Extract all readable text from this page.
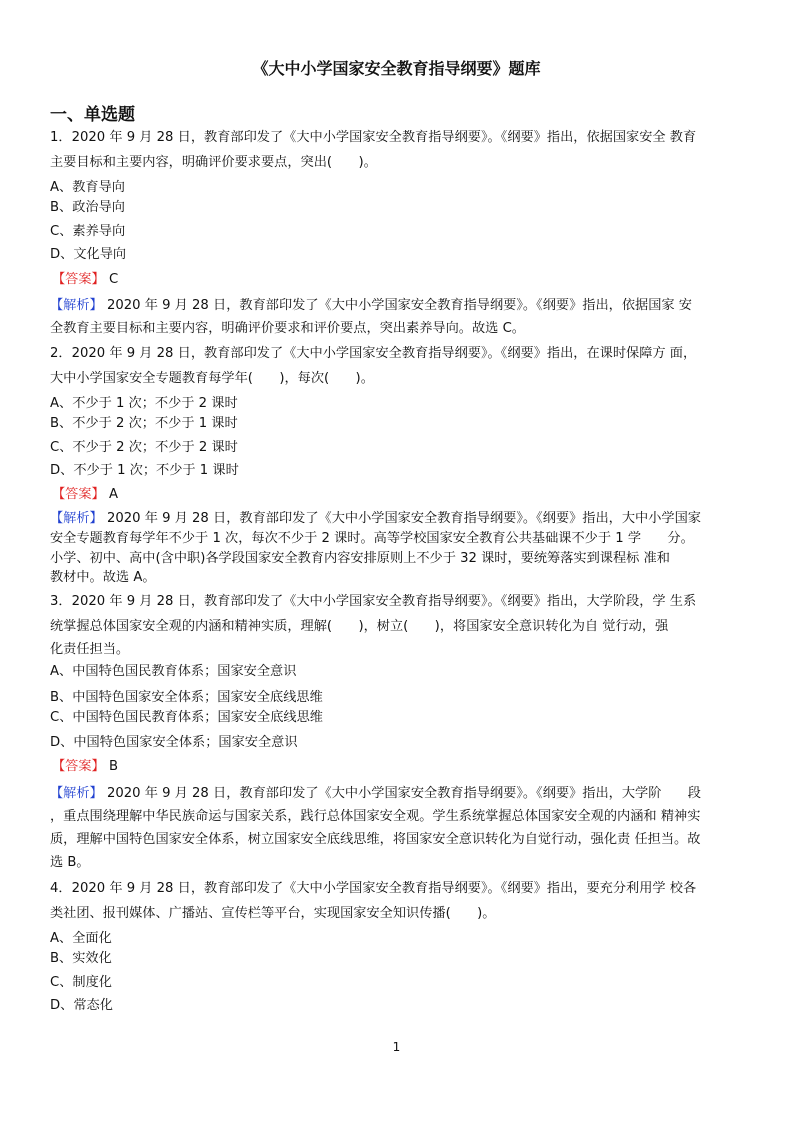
《大中小学国家安全教育指导纲要》题库
一、单选题
1．2020 年 9 月 28 日，教育部印发了《大中小学国家安全教育指导纲要》。《纲要》指出，依据国家安全 教育
主要目标和主要内容，明确评价要求要点，突出(　　)。
A、教育导向
B、政治导向
C、素养导向
D、文化导向
【答案】 C
【解析】 2020 年 9 月 28 日，教育部印发了《大中小学国家安全教育指导纲要》。《纲要》指出，依据国家 安
全教育主要目标和主要内容，明确评价要求和评价要点，突出素养导向。故选 C。
2．2020 年 9 月 28 日，教育部印发了《大中小学国家安全教育指导纲要》。《纲要》指出，在课时保障方 面，
大中小学国家安全专题教育每学年(　　)，每次(　　)。
A、不少于 1 次；不少于 2 课时
B、不少于 2 次；不少于 1 课时
C、不少于 2 次；不少于 2 课时
D、不少于 1 次；不少于 1 课时
【答案】 A
【解析】 2020 年 9 月 28 日，教育部印发了《大中小学国家安全教育指导纲要》。《纲要》指出，大中小学国家
安全专题教育每学年不少于 1 次，每次不少于 2 课时。高等学校国家安全教育公共基础课不少于 1 学　　分。
小学、初中、高中(含中职)各学段国家安全教育内容安排原则上不少于 32 课时，要统筹落实到课程标 准和
教材中。故选 A。
3．2020 年 9 月 28 日，教育部印发了《大中小学国家安全教育指导纲要》。《纲要》指出，大学阶段，学 生系
统掌握总体国家安全观的内涵和精神实质，理解(　　)，树立(　　)，将国家安全意识转化为自 觉行动，强
化责任担当。
A、中国特色国民教育体系；国家安全意识
B、中国特色国家安全体系；国家安全底线思维
C、中国特色国民教育体系；国家安全底线思维
D、中国特色国家安全体系；国家安全意识
【答案】 B
【解析】 2020 年 9 月 28 日，教育部印发了《大中小学国家安全教育指导纲要》。《纲要》指出，大学阶　　段
，重点围绕理解中华民族命运与国家关系，践行总体国家安全观。学生系统掌握总体国家安全观的内涵和 精神实
质，理解中国特色国家安全体系，树立国家安全底线思维，将国家安全意识转化为自觉行动，强化责 任担当。故
选 B。
4．2020 年 9 月 28 日，教育部印发了《大中小学国家安全教育指导纲要》。《纲要》指出，要充分利用学 校各
类社团、报刊媒体、广播站、宣传栏等平台，实现国家安全知识传播(　　)。
A、全面化
B、实效化
C、制度化
D、常态化
1
